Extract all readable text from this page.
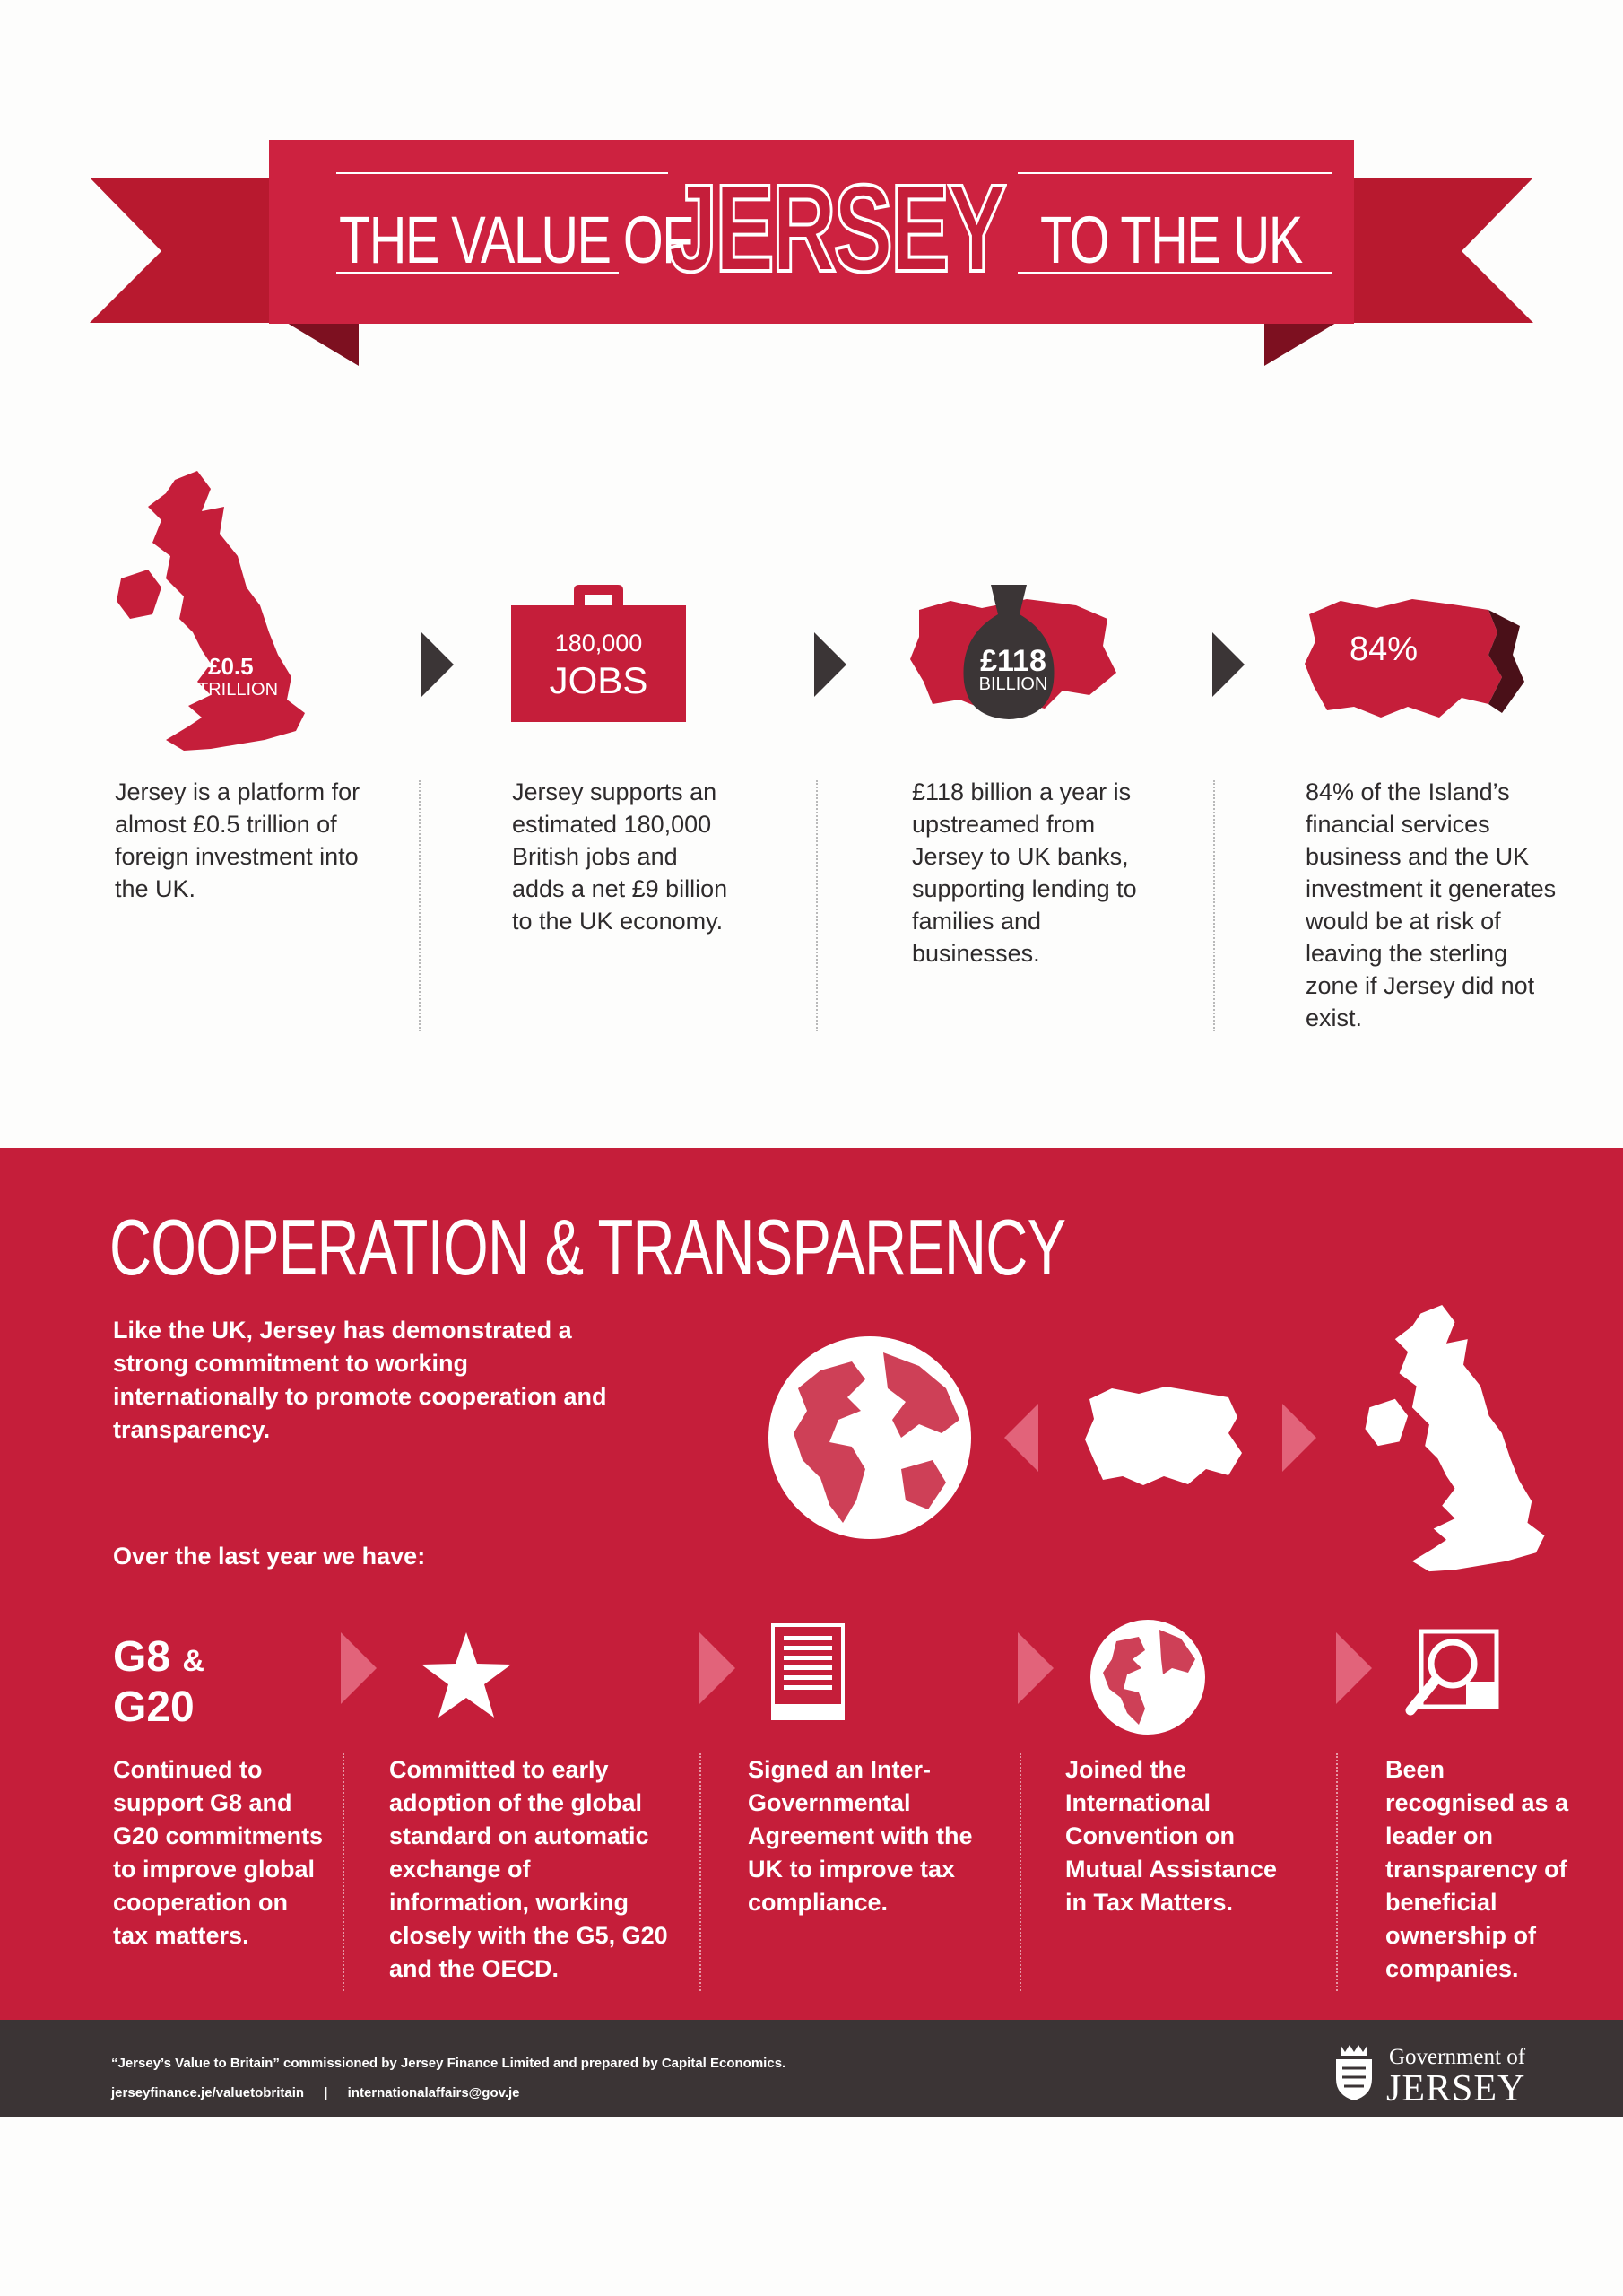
THE VALUE OF
JERSEY TO THE UK
£0.5
TRILLION
180,000
JOBS	£118
BILLION
84%
Jersey is a platform for almost £0.5 trillion of foreign investment into the UK.
Jersey supports an estimated 180,000 British jobs and adds a net £9 billion to the UK economy.
£118 billion a year is upstreamed from Jersey to UK banks, supporting lending to families and businesses.
84% of the Island’s financial services business and the UK investment it generates would be at risk of leaving the sterling zone if Jersey did not exist.
COOPERATION & TRANSPARENCY
Like the UK, Jersey has demonstrated a strong commitment to working internationally to promote cooperation and transparency.
Over the last year we have:
G8 &
G20
Continued to support G8 and G20 commitments to improve global cooperation on tax matters.
Committed to early adoption of the global standard on automatic exchange of information, working closely with the G5, G20 and the OECD.
Signed an Inter-Governmental Agreement with the UK to improve tax compliance.
Joined the International Convention on Mutual Assistance in Tax Matters.
Been recognised as a leader on transparency of beneficial ownership of companies.
“Jersey’s Value to Britain” commissioned by Jersey Finance Limited and prepared by Capital Economics.
jerseyfinance.je/valuetobritain | internationalaffairs@gov.je
Government of
JERSEY
